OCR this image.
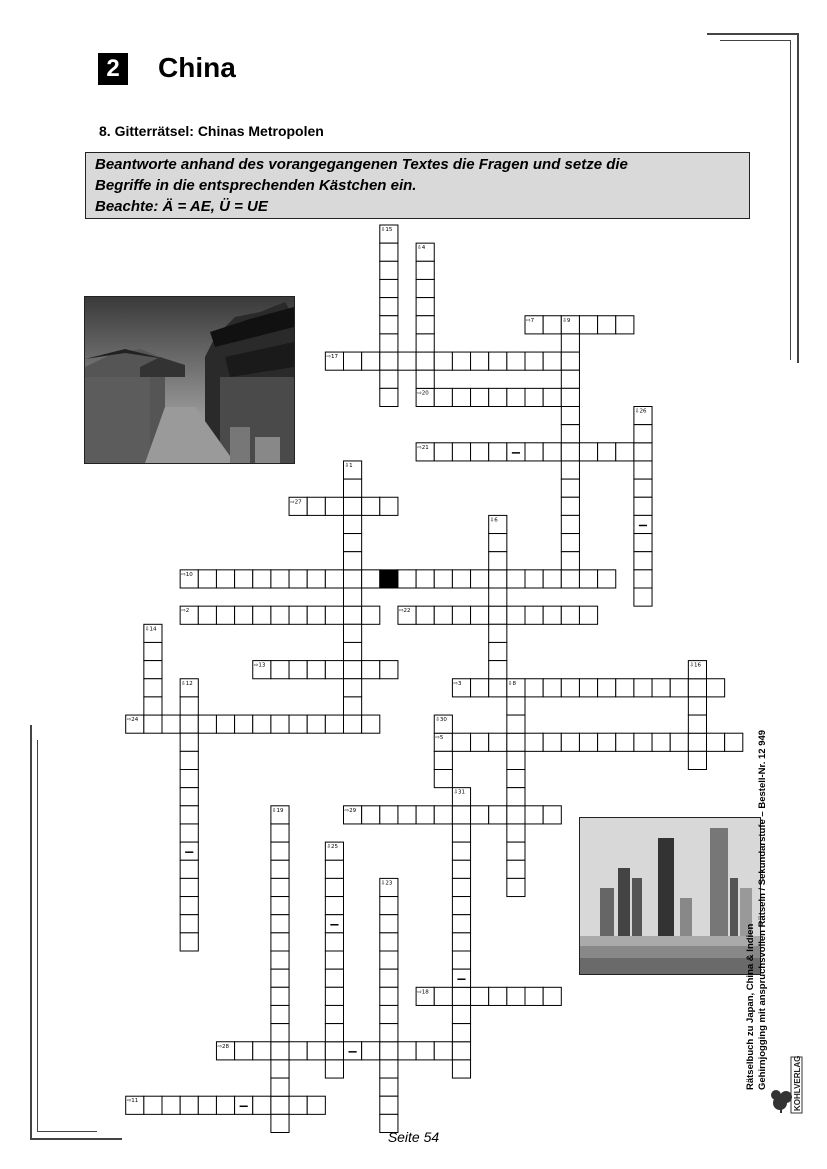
2 China
8. Gitterrätsel: Chinas Metropolen
Beantworte anhand des vorangegangenen Textes die Fragen und setze die
Begriffe in die entsprechenden Kästchen ein.
Beachte: Ä = AE, Ü = UE
⇨7	⇩9
⇨17
⇨20
⇨21
⇨27
⇨10
⇨2	⇨22
⇨13
⇨3	⇩8
⇨24
⇨5
⇨29
⇨18
⇨28
⇨11
⇩15
⇩4
⇩26
⇩1
⇩6
⇩14
⇩12
⇩16
⇩30
⇩31
⇩19
⇩25
⇩23
Seite 54
Rätselbuch zu Japan, China & Indien Gehirnjogging mit anspruchsvollen Rätseln / Sekundarstufe – Bestell-Nr. 12 949	KOHLVERLAG
